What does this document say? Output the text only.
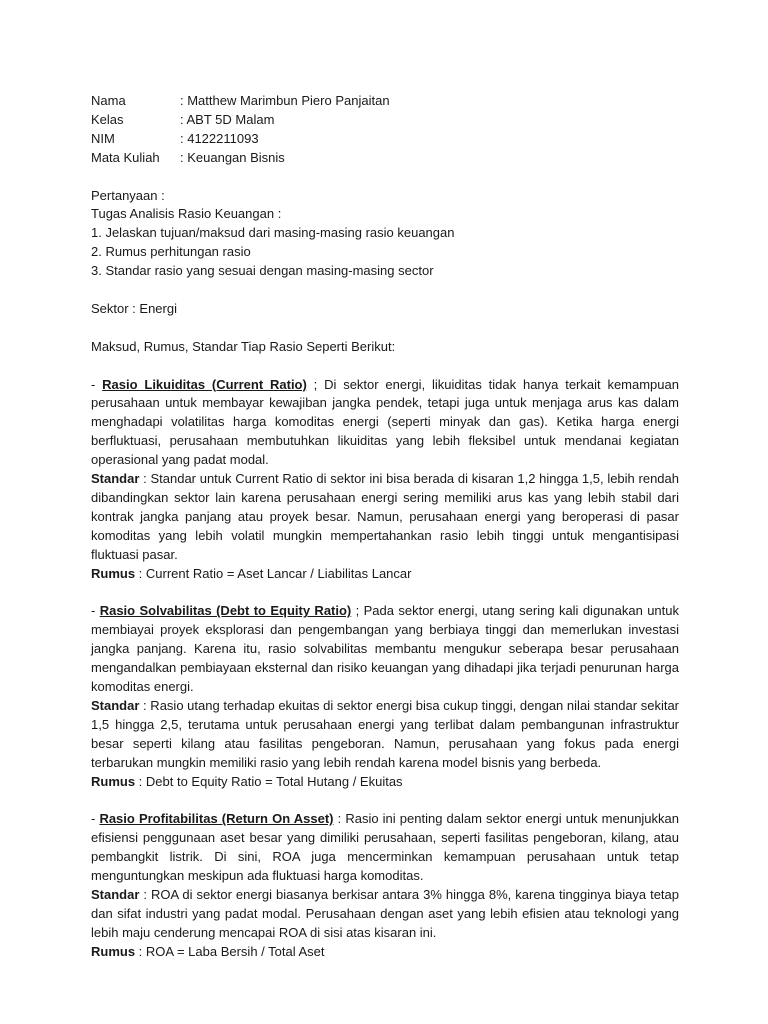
Nama	: Matthew Marimbun Piero Panjaitan
Kelas	: ABT 5D Malam
NIM	: 4122211093
Mata Kuliah	: Keuangan Bisnis
Pertanyaan :
Tugas Analisis Rasio Keuangan :
1. Jelaskan tujuan/maksud dari masing-masing rasio keuangan
2. Rumus perhitungan rasio
3. Standar rasio yang sesuai dengan masing-masing sector
Sektor : Energi
Maksud, Rumus, Standar Tiap Rasio Seperti Berikut:
- Rasio Likuiditas (Current Ratio) ; Di sektor energi, likuiditas tidak hanya terkait kemampuan perusahaan untuk membayar kewajiban jangka pendek, tetapi juga untuk menjaga arus kas dalam menghadapi volatilitas harga komoditas energi (seperti minyak dan gas). Ketika harga energi berfluktuasi, perusahaan membutuhkan likuiditas yang lebih fleksibel untuk mendanai kegiatan operasional yang padat modal.
Standar : Standar untuk Current Ratio di sektor ini bisa berada di kisaran 1,2 hingga 1,5, lebih rendah dibandingkan sektor lain karena perusahaan energi sering memiliki arus kas yang lebih stabil dari kontrak jangka panjang atau proyek besar. Namun, perusahaan energi yang beroperasi di pasar komoditas yang lebih volatil mungkin mempertahankan rasio lebih tinggi untuk mengantisipasi fluktuasi pasar.
Rumus : Current Ratio = Aset Lancar / Liabilitas Lancar
- Rasio Solvabilitas (Debt to Equity Ratio) ; Pada sektor energi, utang sering kali digunakan untuk membiayai proyek eksplorasi dan pengembangan yang berbiaya tinggi dan memerlukan investasi jangka panjang. Karena itu, rasio solvabilitas membantu mengukur seberapa besar perusahaan mengandalkan pembiayaan eksternal dan risiko keuangan yang dihadapi jika terjadi penurunan harga komoditas energi.
Standar : Rasio utang terhadap ekuitas di sektor energi bisa cukup tinggi, dengan nilai standar sekitar 1,5 hingga 2,5, terutama untuk perusahaan energi yang terlibat dalam pembangunan infrastruktur besar seperti kilang atau fasilitas pengeboran. Namun, perusahaan yang fokus pada energi terbarukan mungkin memiliki rasio yang lebih rendah karena model bisnis yang berbeda.
Rumus : Debt to Equity Ratio = Total Hutang / Ekuitas
- Rasio Profitabilitas (Return On Asset) : Rasio ini penting dalam sektor energi untuk menunjukkan efisiensi penggunaan aset besar yang dimiliki perusahaan, seperti fasilitas pengeboran, kilang, atau pembangkit listrik. Di sini, ROA juga mencerminkan kemampuan perusahaan untuk tetap menguntungkan meskipun ada fluktuasi harga komoditas.
Standar : ROA di sektor energi biasanya berkisar antara 3% hingga 8%, karena tingginya biaya tetap dan sifat industri yang padat modal. Perusahaan dengan aset yang lebih efisien atau teknologi yang lebih maju cenderung mencapai ROA di sisi atas kisaran ini.
Rumus : ROA = Laba Bersih / Total Aset
